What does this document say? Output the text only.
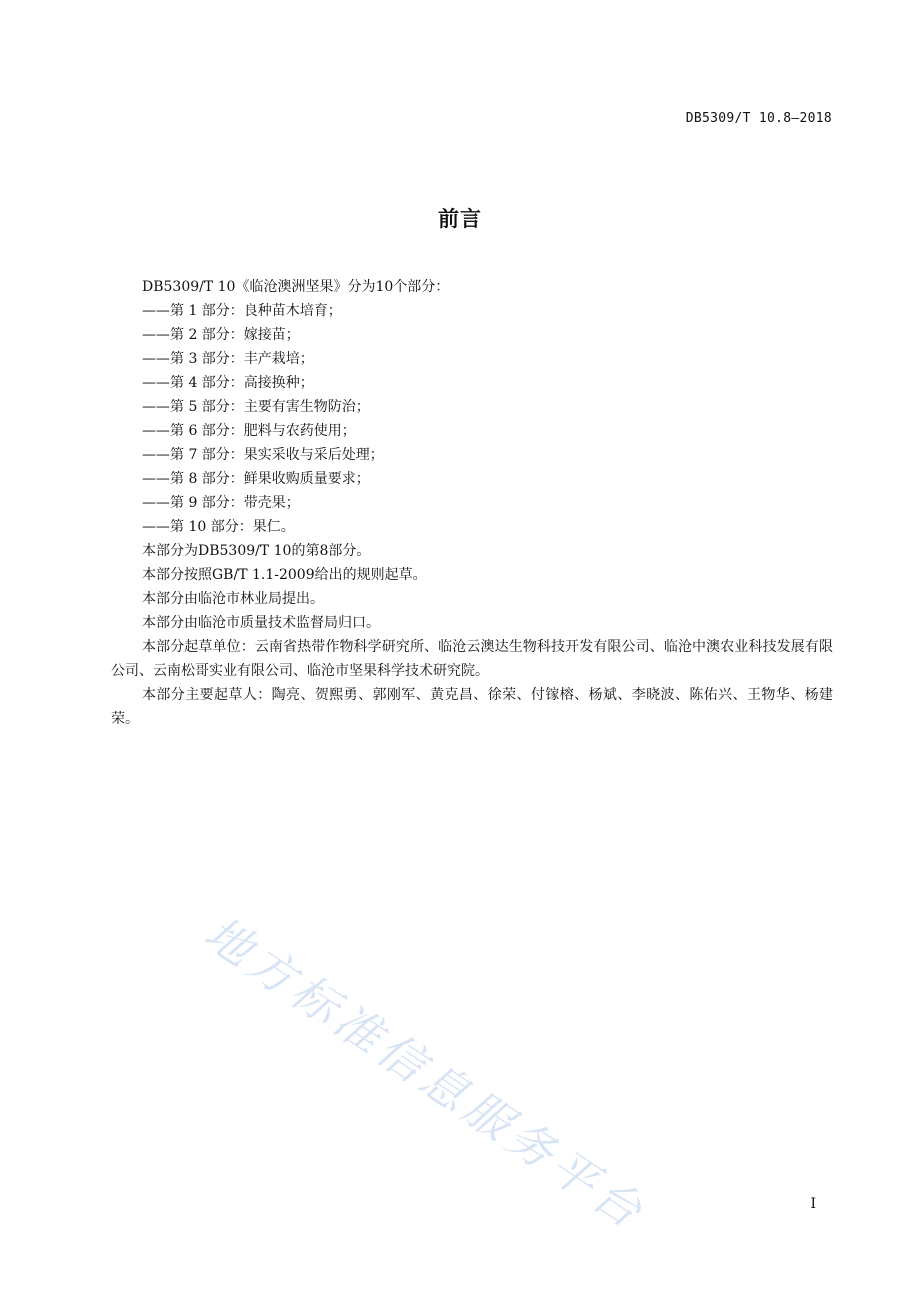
DB5309/T 10.8—2018
前言

DB5309/T 10《临沧澳洲坚果》分为10个部分：

——第 1 部分：良种苗木培育；

——第 2 部分：嫁接苗；

——第 3 部分：丰产栽培；

——第 4 部分：高接换种；

——第 5 部分：主要有害生物防治；

——第 6 部分：肥料与农药使用；

——第 7 部分：果实采收与采后处理；

——第 8 部分：鲜果收购质量要求；

——第 9 部分：带壳果；

——第 10 部分：果仁。

本部分为DB5309/T 10的第8部分。

本部分按照GB/T 1.1-2009给出的规则起草。

本部分由临沧市林业局提出。

本部分由临沧市质量技术监督局归口。

本部分起草单位：云南省热带作物科学研究所、临沧云澳达生物科技开发有限公司、临沧中澳农业科技发展有限公司、云南松哥实业有限公司、临沧市坚果科学技术研究院。

本部分主要起草人：陶亮、贺熙勇、郭刚军、黄克昌、徐荣、付镓榕、杨斌、李晓波、陈佑兴、王物华、杨建荣。

地方标准信息服务平台	I
